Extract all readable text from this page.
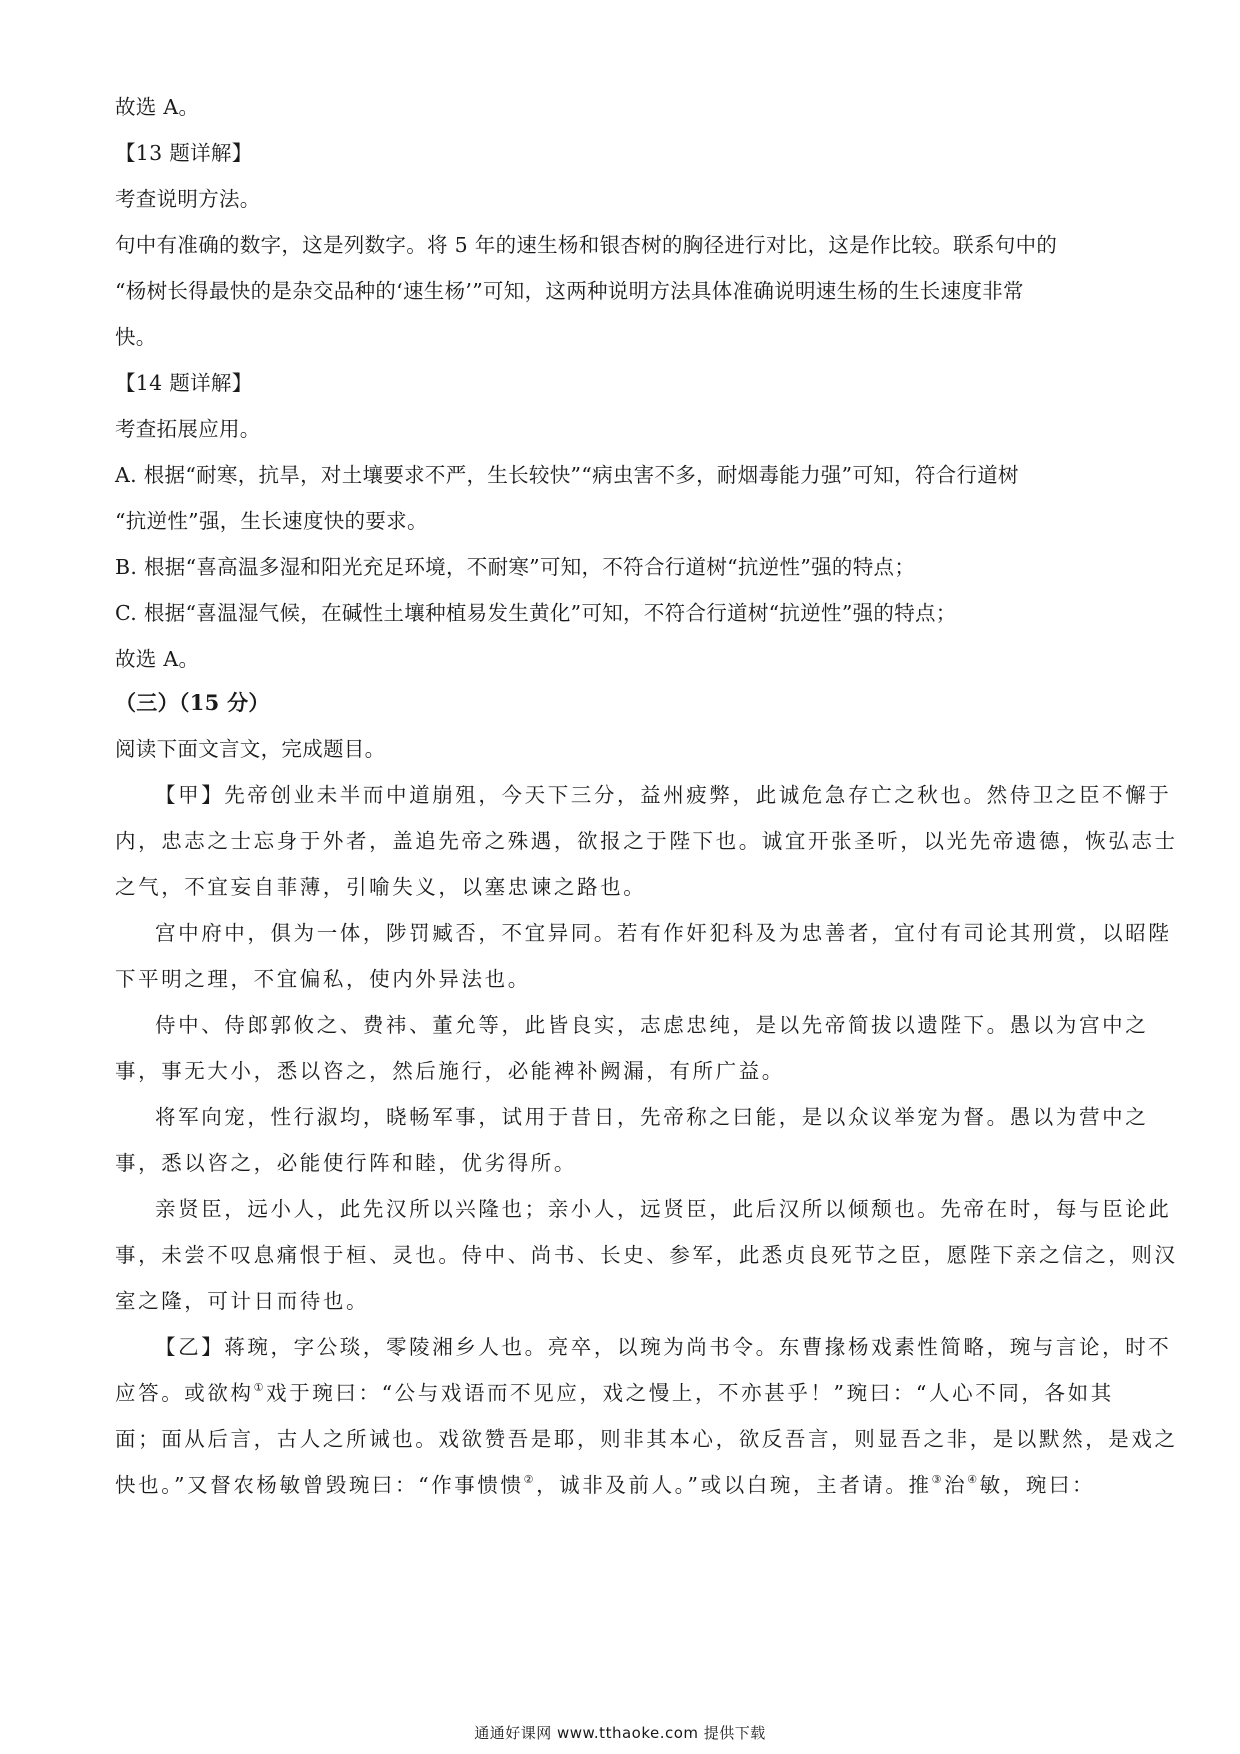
故选 A。
【13 题详解】
考查说明方法。
句中有准确的数字，这是列数字。将 5 年的速生杨和银杏树的胸径进行对比，这是作比较。联系句中的
“杨树长得最快的是杂交品种的‘速生杨’”可知，这两种说明方法具体准确说明速生杨的生长速度非常
快。
【14 题详解】
考查拓展应用。
A. 根据“耐寒，抗旱，对土壤要求不严，生长较快”“病虫害不多，耐烟毒能力强”可知，符合行道树
“抗逆性”强，生长速度快的要求。
B. 根据“喜高温多湿和阳光充足环境，不耐寒”可知，不符合行道树“抗逆性”强的特点；
C. 根据“喜温湿气候，在碱性土壤种植易发生黄化”可知，不符合行道树“抗逆性”强的特点；
故选 A。
（三）（15 分）
阅读下面文言文，完成题目。
【甲】先帝创业未半而中道崩殂，今天下三分，益州疲弊，此诚危急存亡之秋也。然侍卫之臣不懈于
内，忠志之士忘身于外者，盖追先帝之殊遇，欲报之于陛下也。诚宜开张圣听，以光先帝遗德，恢弘志士
之气，不宜妄自菲薄，引喻失义，以塞忠谏之路也。
宫中府中，俱为一体，陟罚臧否，不宜异同。若有作奸犯科及为忠善者，宜付有司论其刑赏，以昭陛
下平明之理，不宜偏私，使内外异法也。
侍中、侍郎郭攸之、费祎、董允等，此皆良实，志虑忠纯，是以先帝简拔以遗陛下。愚以为宫中之
事，事无大小，悉以咨之，然后施行，必能裨补阙漏，有所广益。
将军向宠，性行淑均，晓畅军事，试用于昔日，先帝称之曰能，是以众议举宠为督。愚以为营中之
事，悉以咨之，必能使行阵和睦，优劣得所。
亲贤臣，远小人，此先汉所以兴隆也；亲小人，远贤臣，此后汉所以倾颓也。先帝在时，每与臣论此
事，未尝不叹息痛恨于桓、灵也。侍中、尚书、长史、参军，此悉贞良死节之臣，愿陛下亲之信之，则汉
室之隆，可计日而待也。
【乙】蒋琬，字公琰，零陵湘乡人也。亮卒，以琬为尚书令。东曹掾杨戏素性简略，琬与言论，时不
应答。或欲构①戏于琬曰：“公与戏语而不见应，戏之慢上，不亦甚乎！”琬曰：“人心不同，各如其
面；面从后言，古人之所诫也。戏欲赞吾是耶，则非其本心，欲反吾言，则显吾之非，是以默然，是戏之
快也。”又督农杨敏曾毁琬曰：“作事愦愦②，诚非及前人。”或以白琬，主者请。推③治④敏，琬曰：
通通好课网 www.tthaoke.com 提供下载
